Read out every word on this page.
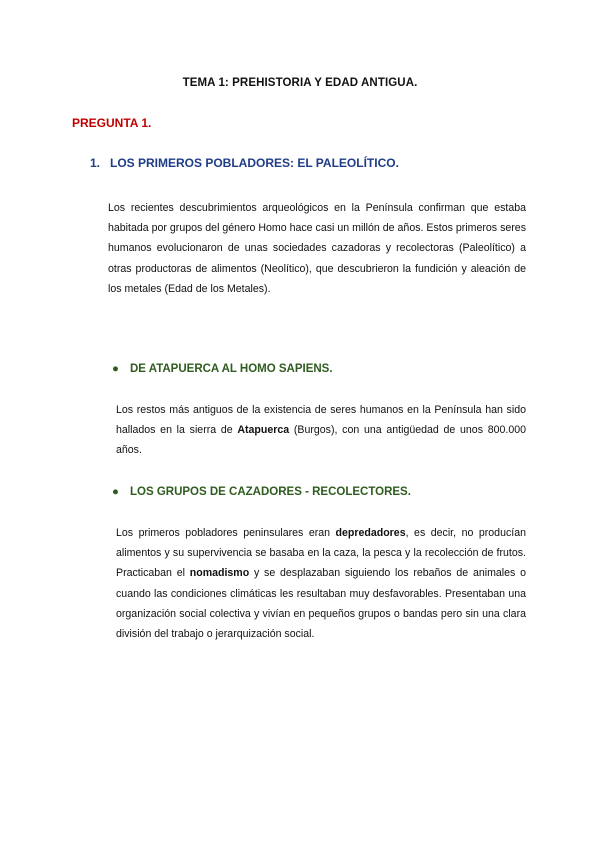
TEMA 1: PREHISTORIA Y EDAD ANTIGUA.
PREGUNTA 1.
1. LOS PRIMEROS POBLADORES: EL PALEOLÍTICO.

Los recientes descubrimientos arqueológicos en la Península confirman que estaba habitada por grupos del género Homo hace casi un millón de años. Estos primeros seres humanos evolucionaron de unas sociedades cazadoras y recolectoras (Paleolítico) a otras productoras de alimentos (Neolítico), que descubrieron la fundición y aleación de los metales (Edad de los Metales).

● DE ATAPUERCA AL HOMO SAPIENS.

Los restos más antiguos de la existencia de seres humanos en la Península han sido hallados en la sierra de Atapuerca (Burgos), con una antigüedad de unos 800.000 años.

● LOS GRUPOS DE CAZADORES - RECOLECTORES.

Los primeros pobladores peninsulares eran depredadores, es decir, no producían alimentos y su supervivencia se basaba en la caza, la pesca y la recolección de frutos. Practicaban el nomadismo y se desplazaban siguiendo los rebaños de animales o cuando las condiciones climáticas les resultaban muy desfavorables. Presentaban una organización social colectiva y vivían en pequeños grupos o bandas pero sin una clara división del trabajo o jerarquización social.
